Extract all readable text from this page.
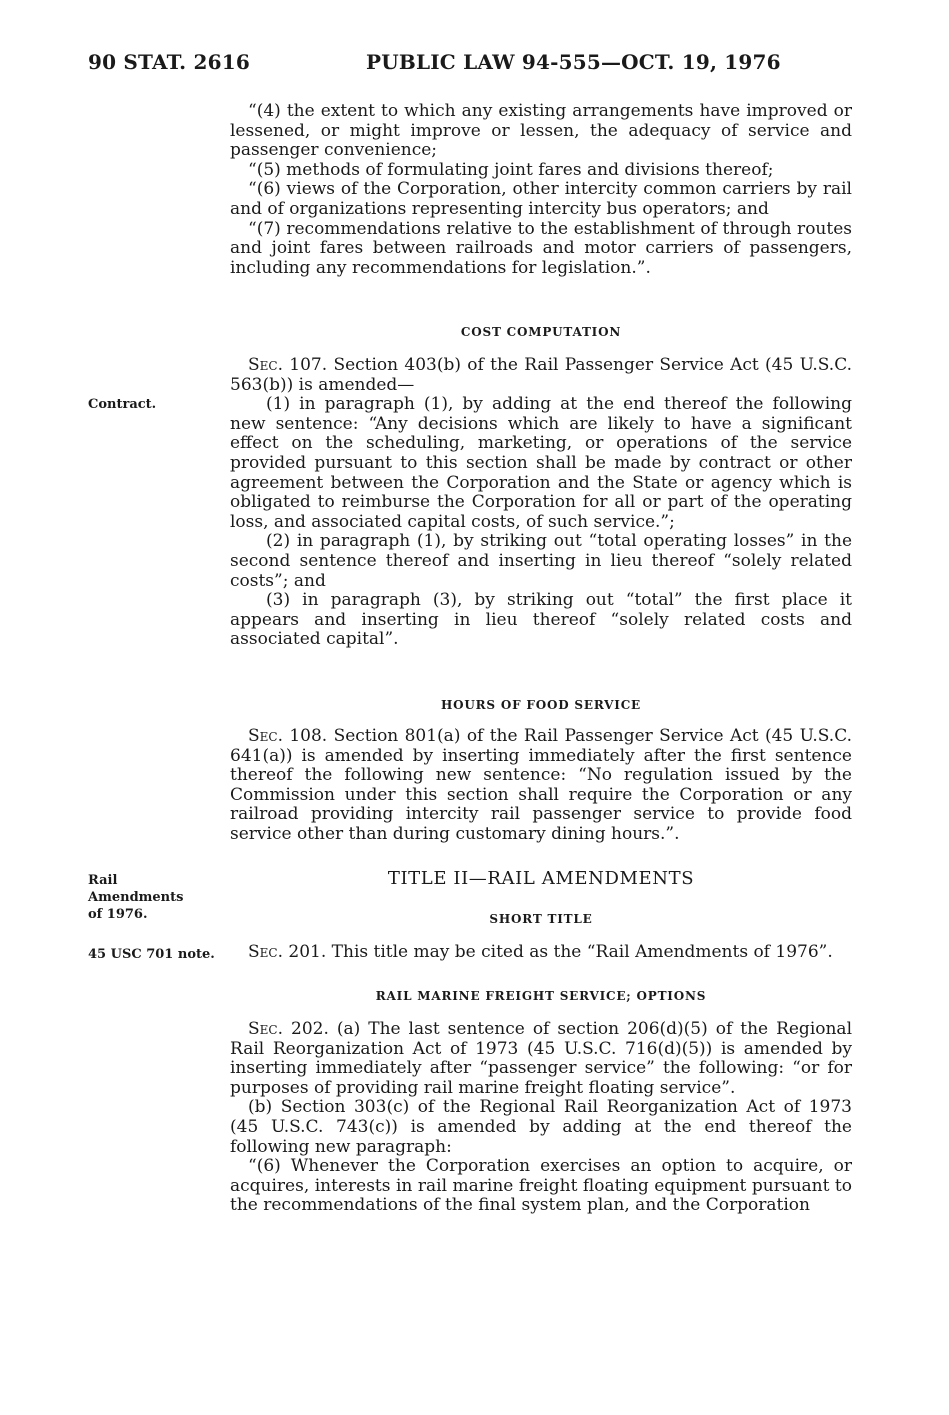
90 STAT. 2616	PUBLIC LAW 94-555—OCT. 19, 1976

“(4) the extent to which any existing arrangements have improved or lessened, or might improve or lessen, the adequacy of service and passenger convenience;

“(5) methods of formulating joint fares and divisions thereof;

“(6) views of the Corporation, other intercity common carriers by rail and of organizations representing intercity bus operators; and

“(7) recommendations relative to the establishment of through routes and joint fares between railroads and motor carriers of passengers, including any recommendations for legislation.”.

COST COMPUTATION

Sec. 107. Section 403(b) of the Rail Passenger Service Act (45 U.S.C. 563(b)) is amended—

(1) in paragraph (1), by adding at the end thereof the following new sentence: “Any decisions which are likely to have a significant effect on the scheduling, marketing, or operations of the service provided pursuant to this section shall be made by contract or other agreement between the Corporation and the State or agency which is obligated to reimburse the Corporation for all or part of the operating loss, and associated capital costs, of such service.”;

(2) in paragraph (1), by striking out “total operating losses” in the second sentence thereof and inserting in lieu thereof “solely related costs”; and

(3) in paragraph (3), by striking out “total” the first place it appears and inserting in lieu thereof “solely related costs and associated capital”.

HOURS OF FOOD SERVICE

Sec. 108. Section 801(a) of the Rail Passenger Service Act (45 U.S.C. 641(a)) is amended by inserting immediately after the first sentence thereof the following new sentence: “No regulation issued by the Commission under this section shall require the Corporation or any railroad providing intercity rail passenger service to provide food service other than during customary dining hours.”.

TITLE II—RAIL AMENDMENTS
SHORT TITLE

Sec. 201. This title may be cited as the “Rail Amendments of 1976”.

RAIL MARINE FREIGHT SERVICE; OPTIONS

Sec. 202. (a) The last sentence of section 206(d)(5) of the Regional Rail Reorganization Act of 1973 (45 U.S.C. 716(d)(5)) is amended by inserting immediately after “passenger service” the following: “or for purposes of providing rail marine freight floating service”.

(b) Section 303(c) of the Regional Rail Reorganization Act of 1973 (45 U.S.C. 743(c)) is amended by adding at the end thereof the following new paragraph:

“(6) Whenever the Corporation exercises an option to acquire, or acquires, interests in rail marine freight floating equipment pursuant to the recommendations of the final system plan, and the Corporation

Contract.
Rail
Amendments
of 1976.
45 USC 701 note.
